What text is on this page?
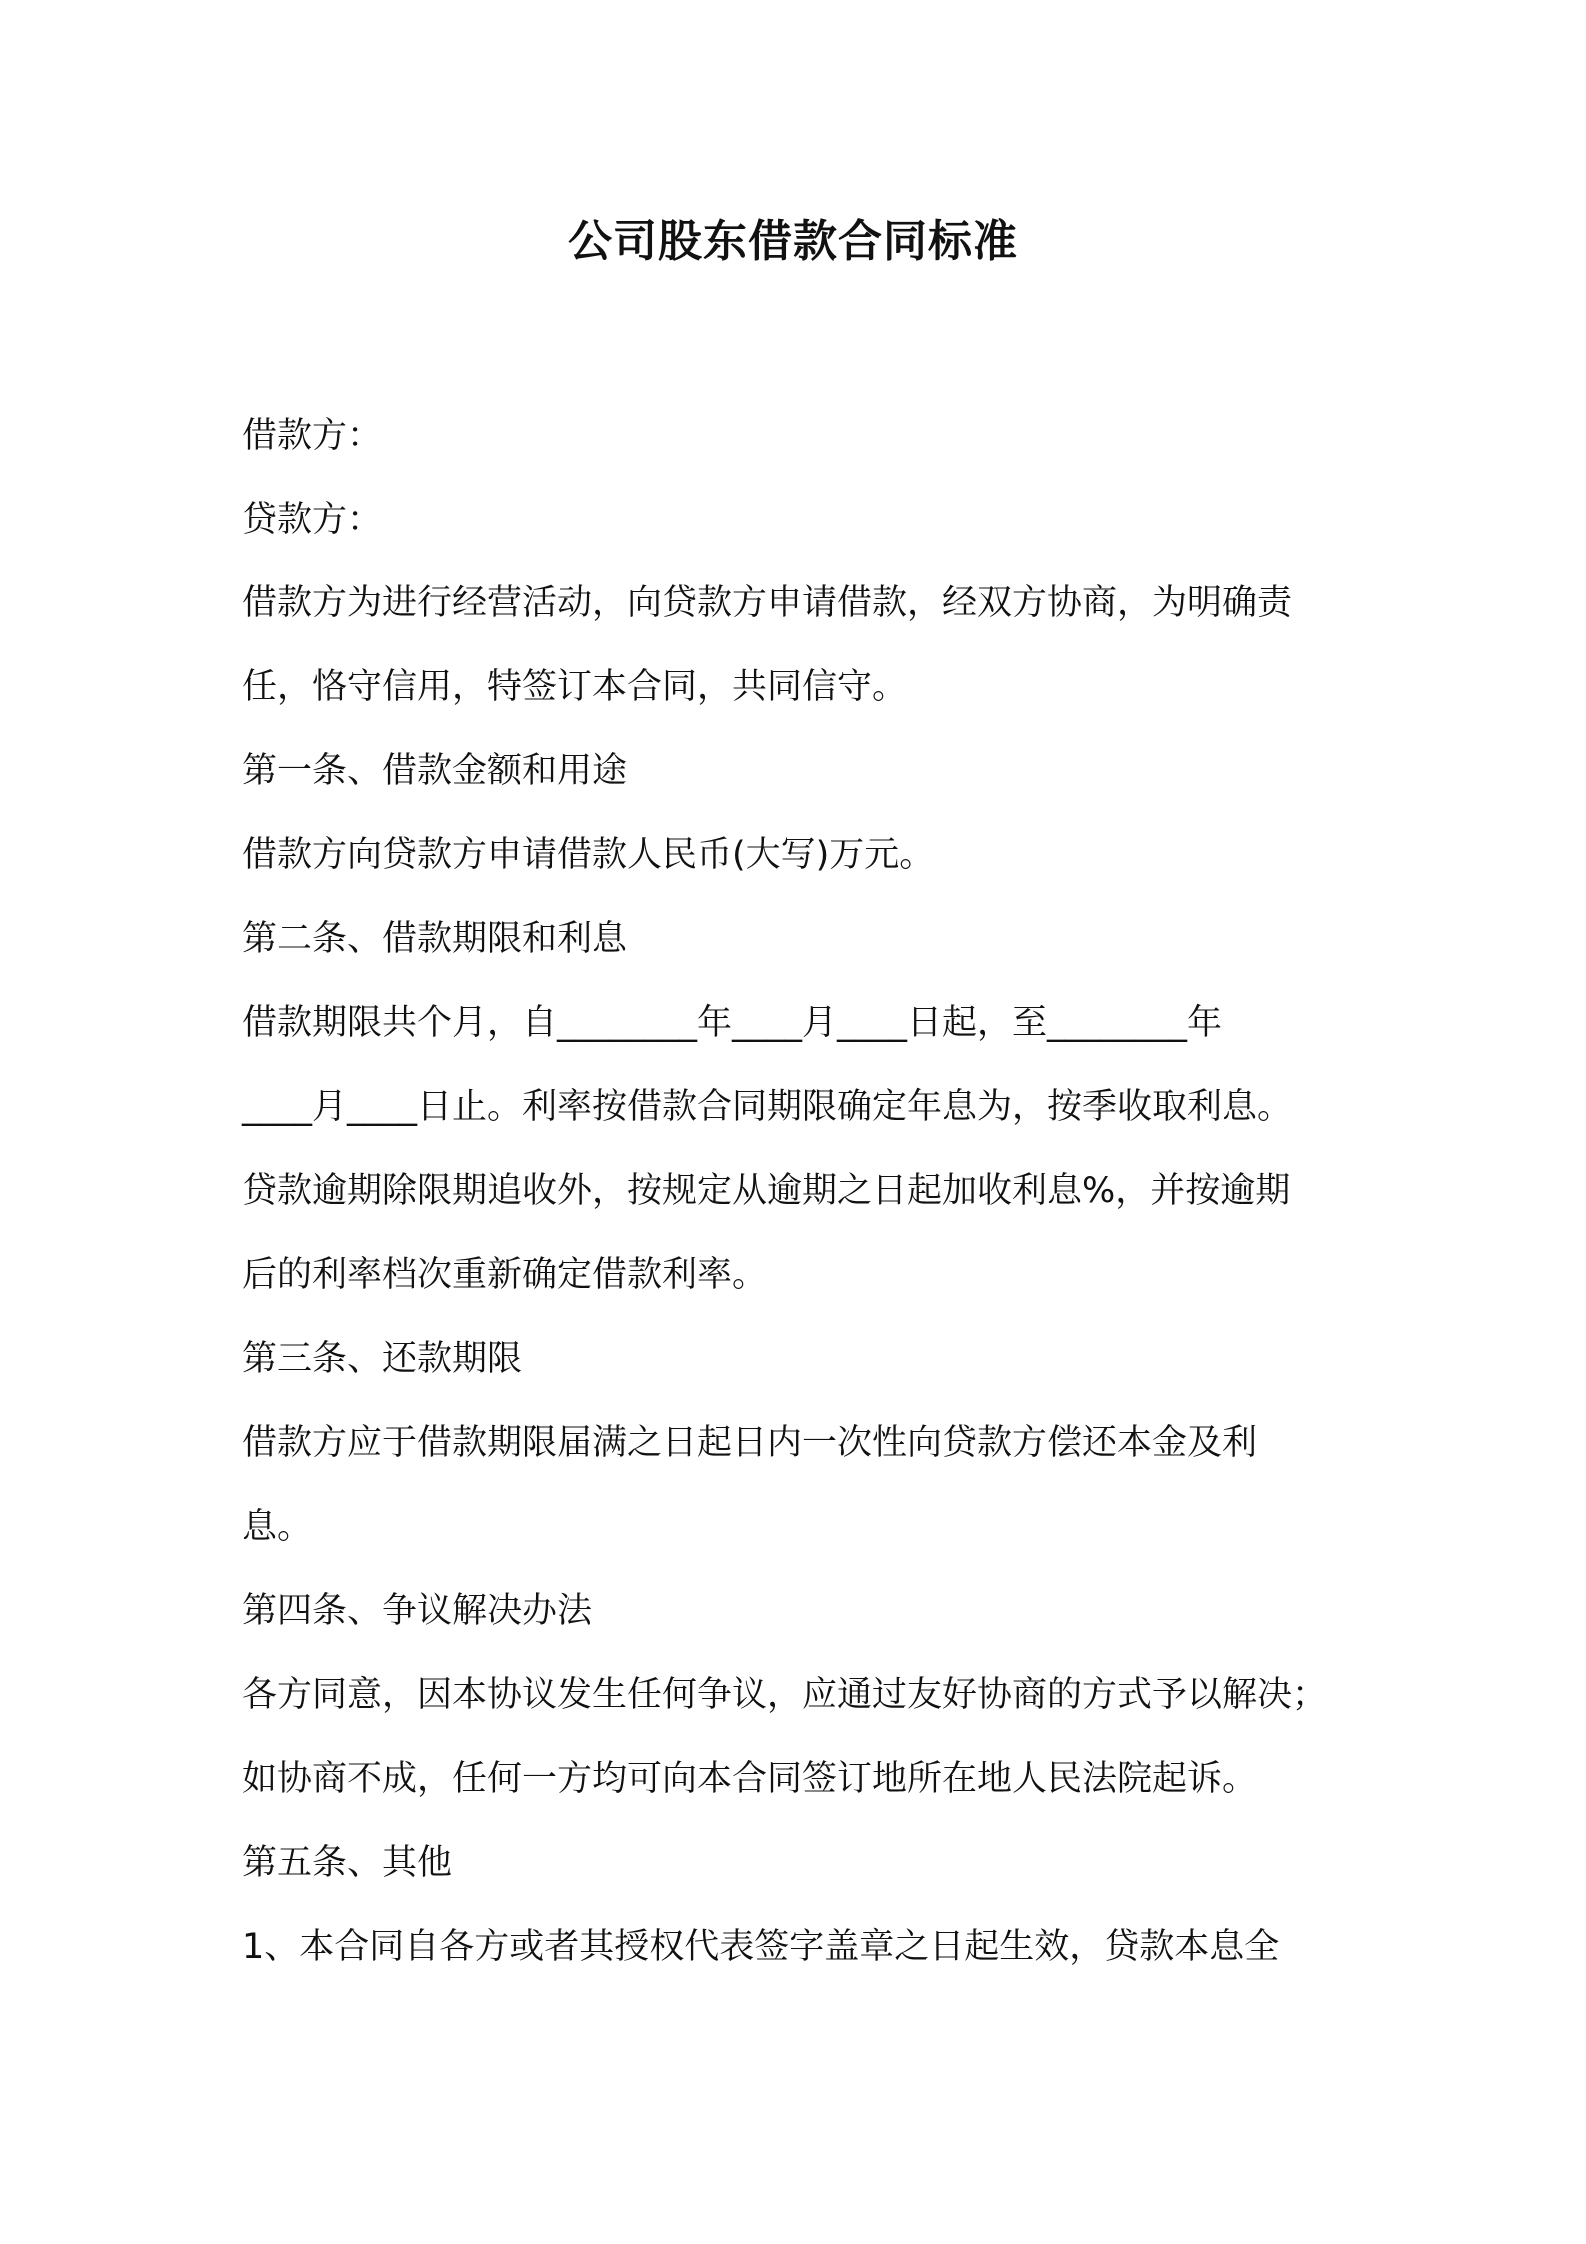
公司股东借款合同标准
借款方：
贷款方：
借款方为进行经营活动，向贷款方申请借款，经双方协商，为明确责
任，恪守信用，特签订本合同，共同信守。
第一条、借款金额和用途
借款方向贷款方申请借款人民币(大写)万元。
第二条、借款期限和利息
借款期限共个月，自________年____月____日起，至________年
____月____日止。利率按借款合同期限确定年息为，按季收取利息。
贷款逾期除限期追收外，按规定从逾期之日起加收利息%，并按逾期
后的利率档次重新确定借款利率。
第三条、还款期限
借款方应于借款期限届满之日起日内一次性向贷款方偿还本金及利
息。
第四条、争议解决办法
各方同意，因本协议发生任何争议，应通过友好协商的方式予以解决；
如协商不成，任何一方均可向本合同签订地所在地人民法院起诉。
第五条、其他
1、本合同自各方或者其授权代表签字盖章之日起生效，贷款本息全
